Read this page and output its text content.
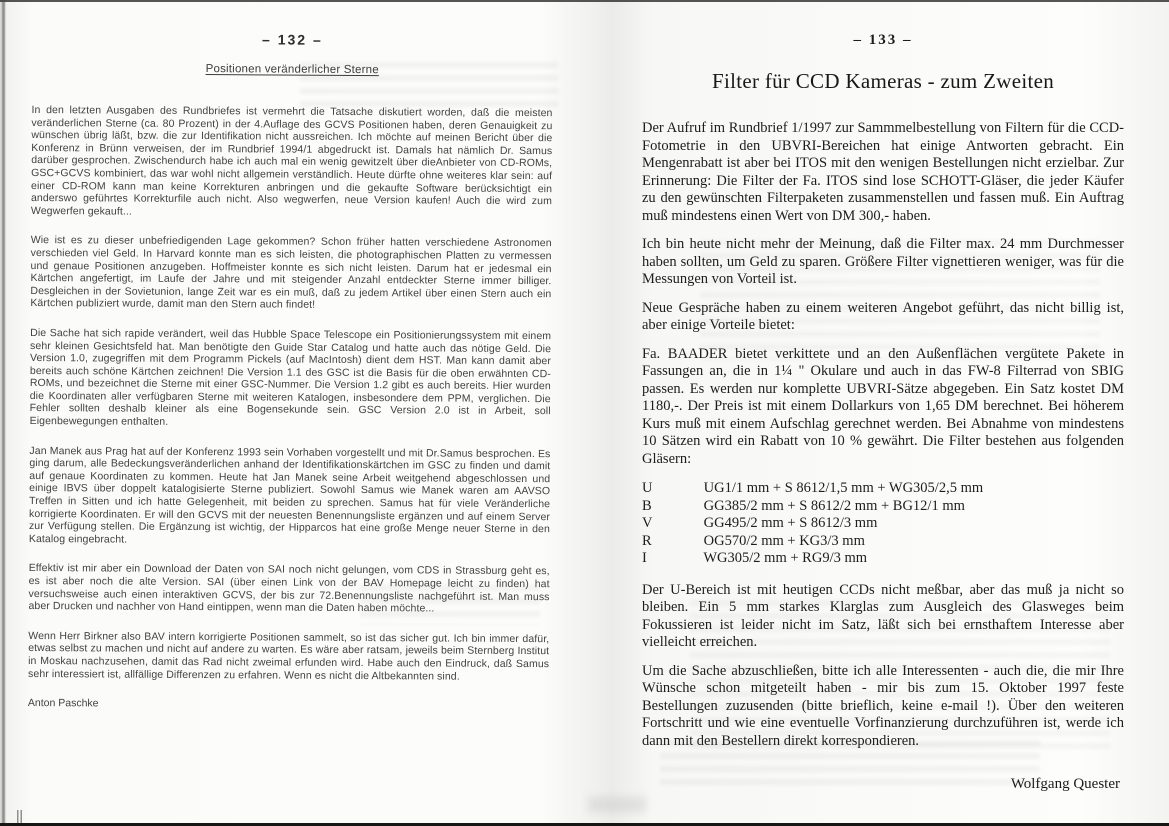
– 132 –
Positionen veränderlicher Sterne

In den letzten Ausgaben des Rundbriefes ist vermehrt die Tatsache diskutiert worden, daß die meisten veränderlichen Sterne (ca. 80 Prozent) in der 4.Auflage des GCVS Positionen haben, deren Genauigkeit zu wünschen übrig läßt, bzw. die zur Identifikation nicht aussreichen. Ich möchte auf meinen Bericht über die Konferenz in Brünn verweisen, der im Rundbrief 1994/1 abgedruckt ist. Damals hat nämlich Dr. Samus darüber gesprochen. Zwischendurch habe ich auch mal ein wenig gewitzelt über dieAnbieter von CD-ROMs, GSC+GCVS kombiniert, das war wohl nicht allgemein verständlich. Heute dürfte ohne weiteres klar sein: auf einer CD-ROM kann man keine Korrekturen anbringen und die gekaufte Software berücksichtigt ein anderswo geführtes Korrekturfile auch nicht. Also wegwerfen, neue Version kaufen! Auch die wird zum Wegwerfen gekauft...

Wie ist es zu dieser unbefriedigenden Lage gekommen? Schon früher hatten verschiedene Astronomen verschieden viel Geld. In Harvard konnte man es sich leisten, die photographischen Platten zu vermessen und genaue Positionen anzugeben. Hoffmeister konnte es sich nicht leisten. Darum hat er jedesmal ein Kärtchen angefertigt, im Laufe der Jahre und mit steigender Anzahl entdeckter Sterne immer billiger. Desgleichen in der Sovietunion, lange Zeit war es ein muß, daß zu jedem Artikel über einen Stern auch ein Kärtchen publiziert wurde, damit man den Stern auch findet!

Die Sache hat sich rapide verändert, weil das Hubble Space Telescope ein Positionierungssystem mit einem sehr kleinen Gesichtsfeld hat. Man benötigte den Guide Star Catalog und hatte auch das nötige Geld. Die Version 1.0, zugegriffen mit dem Programm Pickels (auf MacIntosh) dient dem HST. Man kann damit aber bereits auch schöne Kärtchen zeichnen! Die Version 1.1 des GSC ist die Basis für die oben erwähnten CD-ROMs, und bezeichnet die Sterne mit einer GSC-Nummer. Die Version 1.2 gibt es auch bereits. Hier wurden die Koordinaten aller verfügbaren Sterne mit weiteren Katalogen, insbesondere dem PPM, verglichen. Die Fehler sollten deshalb kleiner als eine Bogensekunde sein. GSC Version 2.0 ist in Arbeit, soll Eigenbewegungen enthalten.

Jan Manek aus Prag hat auf der Konferenz 1993 sein Vorhaben vorgestellt und mit Dr.Samus besprochen. Es ging darum, alle Bedeckungsveränderlichen anhand der Identifikationskärtchen im GSC zu finden und damit auf genaue Koordinaten zu kommen. Heute hat Jan Manek seine Arbeit weitgehend abgeschlossen und einige IBVS über doppelt katalogisierte Sterne publiziert. Sowohl Samus wie Manek waren am AAVSO Treffen in Sitten und ich hatte Gelegenheit, mit beiden zu sprechen. Samus hat für viele Veränderliche korrigierte Koordinaten. Er will den GCVS mit der neuesten Benennungsliste ergänzen und auf einem Server zur Verfügung stellen. Die Ergänzung ist wichtig, der Hipparcos hat eine große Menge neuer Sterne in den Katalog eingebracht.

Effektiv ist mir aber ein Download der Daten von SAI noch nicht gelungen, vom CDS in Strassburg geht es, es ist aber noch die alte Version. SAI (über einen Link von der BAV Homepage leicht zu finden) hat versuchsweise auch einen interaktiven GCVS, der bis zur 72.Benennungsliste nachgeführt ist. Man muss aber Drucken und nachher von Hand eintippen, wenn man die Daten haben möchte...

Wenn Herr Birkner also BAV intern korrigierte Positionen sammelt, so ist das sicher gut. Ich bin immer dafür, etwas selbst zu machen und nicht auf andere zu warten. Es wäre aber ratsam, jeweils beim Sternberg Institut in Moskau nachzusehen, damit das Rad nicht zweimal erfunden wird. Habe auch den Eindruck, daß Samus sehr interessiert ist, allfällige Differenzen zu erfahren. Wenn es nicht die Altbekannten sind.

Anton Paschke
– 133 –
Filter für CCD Kameras - zum Zweiten

Der Aufruf im Rundbrief 1/1997 zur Sammmelbestellung von Filtern für die CCD-Fotometrie in den UBVRI-Bereichen hat einige Antworten gebracht. Ein Mengenrabatt ist aber bei ITOS mit den wenigen Bestellungen nicht erzielbar. Zur Erinnerung: Die Filter der Fa. ITOS sind lose SCHOTT-Gläser, die jeder Käufer zu den gewünschten Filterpaketen zusammenstellen und fassen muß. Ein Auftrag muß mindestens einen Wert von DM 300,- haben.

Ich bin heute nicht mehr der Meinung, daß die Filter max. 24 mm Durchmesser haben sollten, um Geld zu sparen. Größere Filter vignettieren weniger, was für die Messungen von Vorteil ist.

Neue Gespräche haben zu einem weiteren Angebot geführt, das nicht billig ist, aber einige Vorteile bietet:

Fa. BAADER bietet verkittete und an den Außenflächen vergütete Pakete in Fassungen an, die in 1¼ " Okulare und auch in das FW-8 Filterrad von SBIG passen. Es werden nur komplette UBVRI-Sätze abgegeben. Ein Satz kostet DM 1180,-. Der Preis ist mit einem Dollarkurs von 1,65 DM berechnet. Bei höherem Kurs muß mit einem Aufschlag gerechnet werden. Bei Abnahme von mindestens 10 Sätzen wird ein Rabatt von 10 % gewährt. Die Filter bestehen aus folgenden Gläsern:

U	UG1/1 mm + S 8612/1,5 mm + WG305/2,5 mm
B	GG385/2 mm + S 8612/2 mm + BG12/1 mm
V	GG495/2 mm + S 8612/3 mm
R	OG570/2 mm + KG3/3 mm
I	WG305/2 mm + RG9/3 mm

Der U-Bereich ist mit heutigen CCDs nicht meßbar, aber das muß ja nicht so bleiben. Ein 5 mm starkes Klarglas zum Ausgleich des Glasweges beim Fokussieren ist leider nicht im Satz, läßt sich bei ernsthaftem Interesse aber vielleicht erreichen.

Um die Sache abzuschließen, bitte ich alle Interessenten - auch die, die mir Ihre Wünsche schon mitgeteilt haben - mir bis zum 15. Oktober 1997 feste Bestellungen zuzusenden (bitte brieflich, keine e-mail !). Über den weiteren Fortschritt und wie eine eventuelle Vorfinanzierung durchzuführen ist, werde ich dann mit den Bestellern direkt korrespondieren.

Wolfgang Quester
